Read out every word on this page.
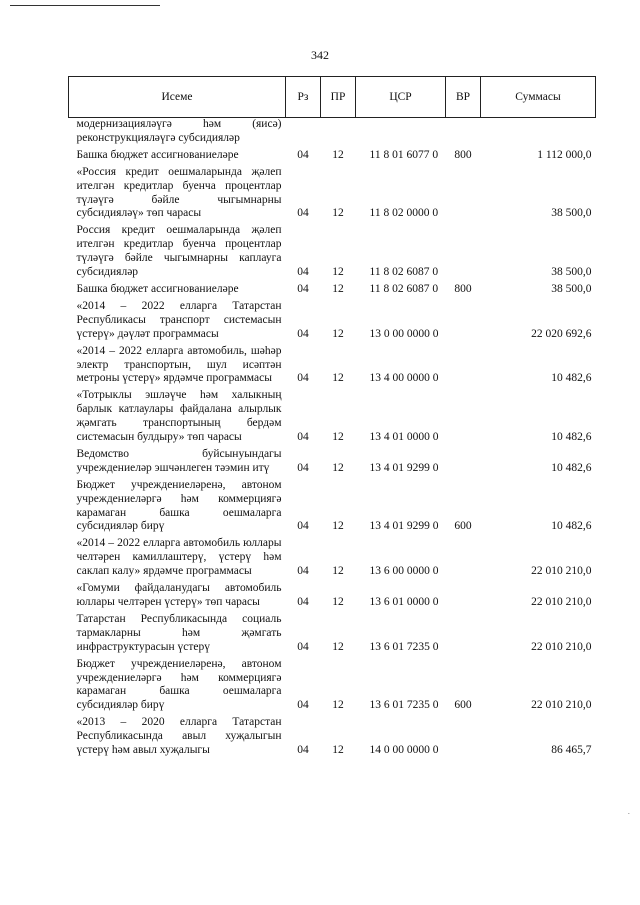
342
Исеме	Рз	ПР	ЦСР	ВР	Суммасы
модернизацияләүгә һәм (яисә) реконструкцияләүгә субсидияләр					
Башка бюджет ассигнованиеләре	04	12	11 8 01 6077 0	800	1 112 000,0
«Россия кредит оешмаларында җәлеп ителгән кредитлар буенча процентлар түләүгә бәйле чыгымнарны субсидияләү» төп чарасы	04	12	11 8 02 0000 0		38 500,0
Россия кредит оешмаларында җәлеп ителгән кредитлар буенча процентлар түләүгә бәйле чыгымнарны каплауга субсидияләр	04	12	11 8 02 6087 0		38 500,0
Башка бюджет ассигнованиеләре	04	12	11 8 02 6087 0	800	38 500,0
«2014 – 2022 елларга Татарстан Республикасы транспорт системасын үстерү» дәүләт программасы	04	12	13 0 00 0000 0		22 020 692,6
«2014 – 2022 елларга автомобиль, шәһәр электр транспортын, шул исәптән метроны үстерү» ярдәмче программасы	04	12	13 4 00 0000 0		10 482,6
«Тотрыклы эшләүче һәм халыкның барлык катлаулары файдалана алырлык җәмгать транспортының бердәм системасын булдыру» төп чарасы	04	12	13 4 01 0000 0		10 482,6
Ведомство буйсынуындагы учреждениеләр эшчәнлеген тәэмин итү	04	12	13 4 01 9299 0		10 482,6
Бюджет учреждениеләренә, автоном учреждениеләргә һәм коммерциягә карамаган башка оешмаларга субсидияләр бирү	04	12	13 4 01 9299 0	600	10 482,6
«2014 – 2022 елларга автомобиль юллары челтәрен камиллаштерү, үстерү һәм саклап калу» ярдәмче программасы	04	12	13 6 00 0000 0		22 010 210,0
«Гомуми файдаланудагы автомобиль юллары челтәрен үстерү» төп чарасы	04	12	13 6 01 0000 0		22 010 210,0
Татарстан Республикасында социаль тармакларны һәм җәмгать инфраструктурасын үстерү	04	12	13 6 01 7235 0		22 010 210,0
Бюджет учреждениеләренә, автоном учреждениеләргә һәм коммерциягә карамаган башка оешмаларга субсидияләр бирү	04	12	13 6 01 7235 0	600	22 010 210,0
«2013 – 2020 елларга Татарстан Республикасында авыл хуҗалыгын үстерү һәм авыл хуҗалыгы	04	12	14 0 00 0000 0		86 465,7
.
